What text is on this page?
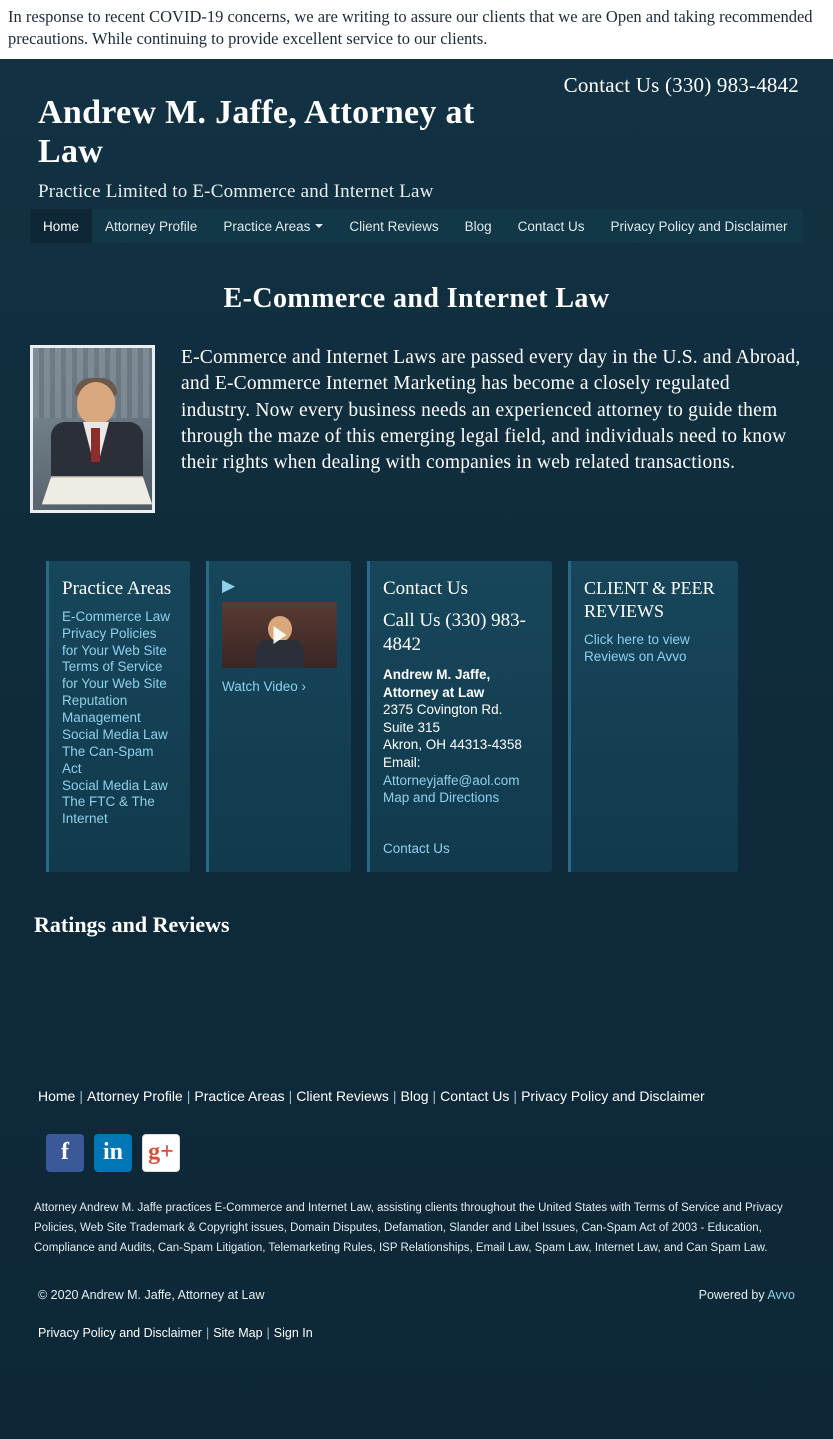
In response to recent COVID-19 concerns, we are writing to assure our clients that we are Open and taking recommended precautions. While continuing to provide excellent service to our clients.
Contact Us (330) 983-4842
Andrew M. Jaffe, Attorney at Law
Practice Limited to E-Commerce and Internet Law
Home	Attorney Profile	Practice Areas	Client Reviews	Blog	Contact Us	Privacy Policy and Disclaimer
E-Commerce and Internet Law
E-Commerce and Internet Laws are passed every day in the U.S. and Abroad, and E-Commerce Internet Marketing has become a closely regulated industry. Now every business needs an experienced attorney to guide them through the maze of this emerging legal field, and individuals need to know their rights when dealing with companies in web related transactions.
Practice Areas
E-Commerce Law
Privacy Policies for Your Web Site
Terms of Service for Your Web Site
Reputation Management
Social Media Law
The Can-Spam Act
Social Media Law
The FTC & The Internet
▶
Watch Video ›
Contact Us
Call Us (330) 983-4842
Andrew M. Jaffe, Attorney at Law
2375 Covington Rd.
Suite 315
Akron, OH 44313-4358
Email:
Attorneyjaffe@aol.com Map and Directions
Contact Us
CLIENT & PEER REVIEWS
Click here to view Reviews on Avvo
Ratings and Reviews
Home | Attorney Profile | Practice Areas | Client Reviews | Blog | Contact Us | Privacy Policy and Disclaimer
f in g+
Attorney Andrew M. Jaffe practices E-Commerce and Internet Law, assisting clients throughout the United States with Terms of Service and Privacy Policies, Web Site Trademark & Copyright issues, Domain Disputes, Defamation, Slander and Libel Issues, Can-Spam Act of 2003 - Education, Compliance and Audits, Can-Spam Litigation, Telemarketing Rules, ISP Relationships, Email Law, Spam Law, Internet Law, and Can Spam Law.
© 2020 Andrew M. Jaffe, Attorney at Law	Powered by Avvo
Privacy Policy and Disclaimer | Site Map | Sign In
